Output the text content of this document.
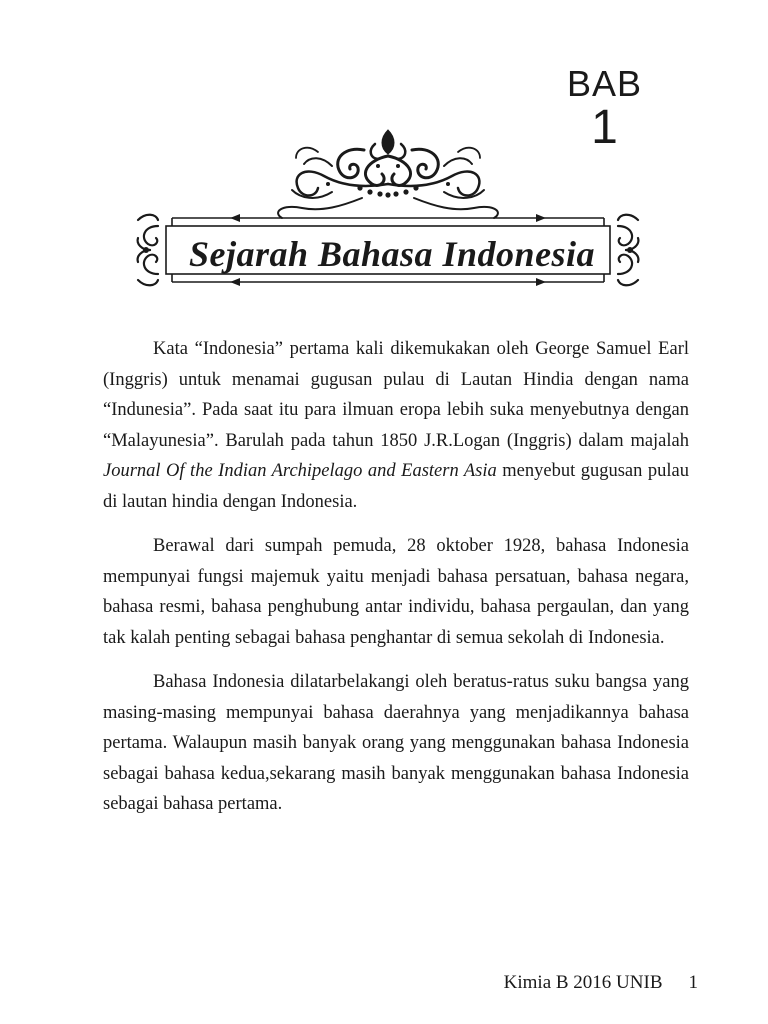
BAB
1
Sejarah Bahasa Indonesia

Kata “Indonesia” pertama kali dikemukakan oleh George Samuel Earl (Inggris) untuk menamai gugusan pulau di Lautan Hindia dengan nama “Indunesia”. Pada saat itu para ilmuan eropa lebih suka menyebutnya dengan “Malayunesia”. Barulah pada tahun 1850 J.R.Logan (Inggris) dalam majalah Journal Of the Indian Archipelago and Eastern Asia menyebut gugusan pulau di lautan hindia dengan Indonesia.

Berawal dari sumpah pemuda, 28 oktober 1928, bahasa Indonesia mempunyai fungsi majemuk yaitu menjadi bahasa persatuan, bahasa negara, bahasa resmi, bahasa penghubung antar individu, bahasa pergaulan, dan yang tak kalah penting sebagai bahasa penghantar di semua sekolah di Indonesia.

Bahasa Indonesia dilatarbelakangi oleh beratus-ratus suku bangsa yang masing-masing mempunyai bahasa daerahnya yang menjadikannya bahasa pertama. Walaupun masih banyak orang yang menggunakan bahasa Indonesia sebagai bahasa kedua,sekarang masih banyak menggunakan bahasa Indonesia sebagai bahasa pertama.

Kimia B 2016 UNIB 1
